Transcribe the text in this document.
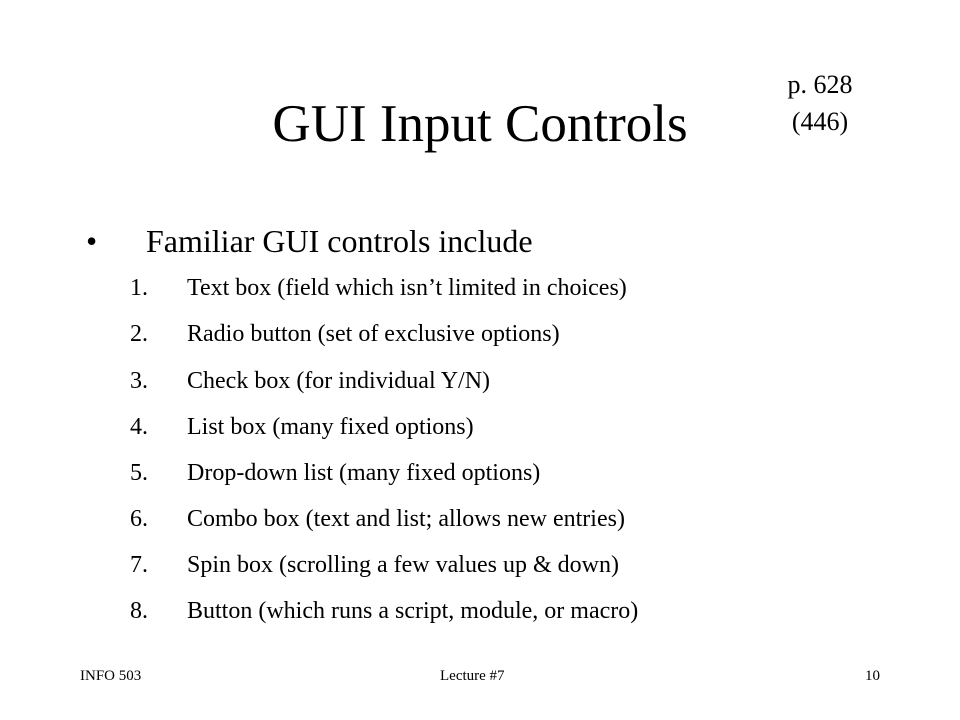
GUI Input Controls
p. 628
(446)
•	Familiar GUI controls include
1.	Text box (field which isn’t limited in choices)
2.	Radio button (set of exclusive options)
3.	Check box (for individual Y/N)
4.	List box (many fixed options)
5.	Drop-down list (many fixed options)
6.	Combo box (text and list; allows new entries)
7.	Spin box (scrolling a few values up & down)
8.	Button (which runs a script, module, or macro)
INFO 503	Lecture #7	10
